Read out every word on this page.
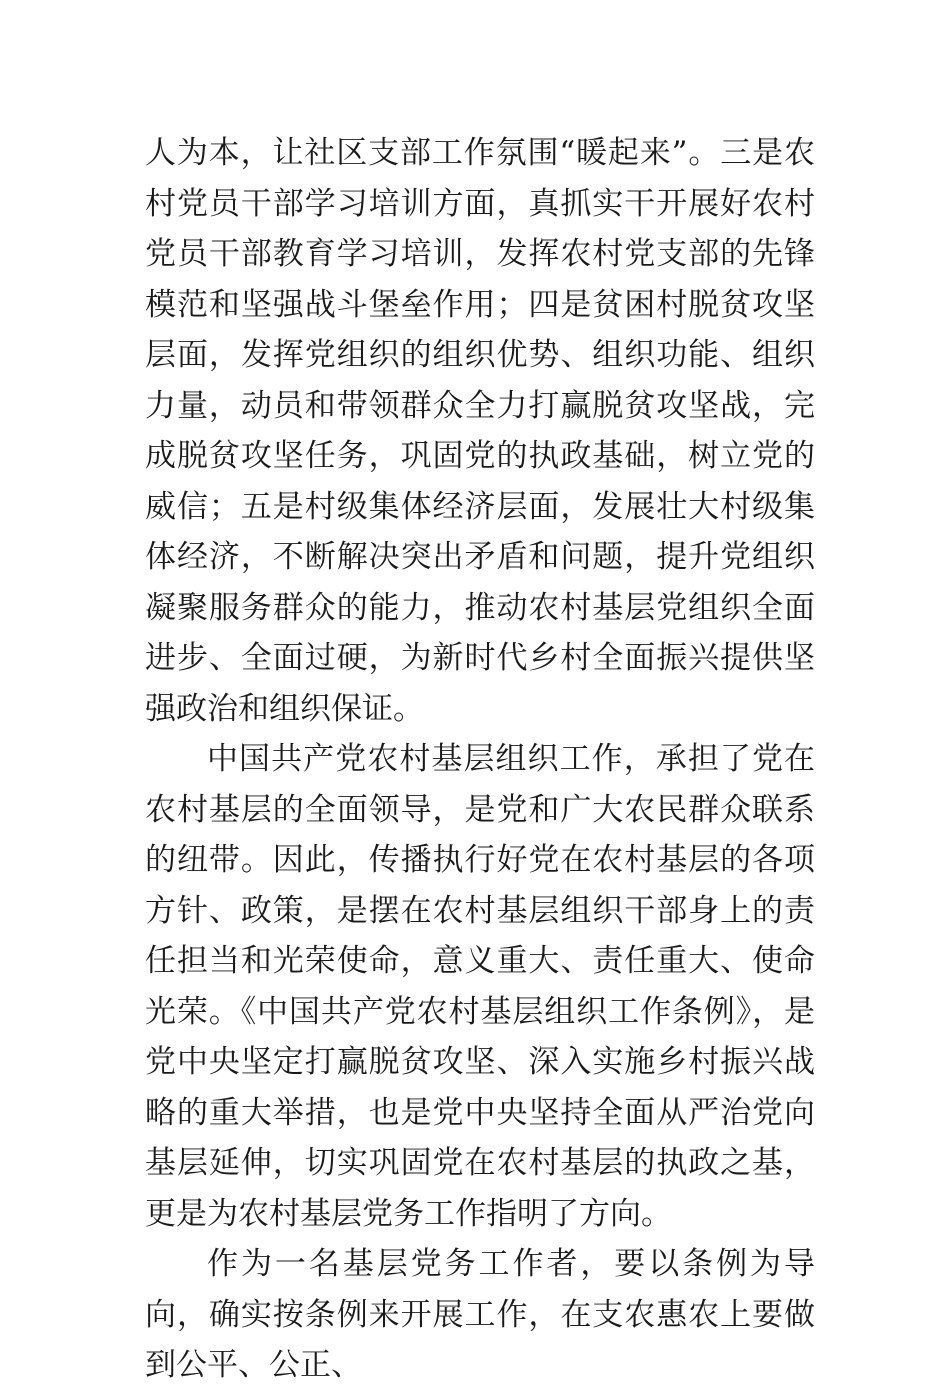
人为本，让社区支部工作氛围“暖起来”。三是农村党员干部学习培训方面，真抓实干开展好农村党员干部教育学习培训，发挥农村党支部的先锋模范和坚强战斗堡垒作用；四是贫困村脱贫攻坚层面，发挥党组织的组织优势、组织功能、组织力量，动员和带领群众全力打赢脱贫攻坚战，完成脱贫攻坚任务，巩固党的执政基础，树立党的威信；五是村级集体经济层面，发展壮大村级集体经济，不断解决突出矛盾和问题，提升党组织凝聚服务群众的能力，推动农村基层党组织全面进步、全面过硬，为新时代乡村全面振兴提供坚强政治和组织保证。

中国共产党农村基层组织工作，承担了党在农村基层的全面领导，是党和广大农民群众联系的纽带。因此，传播执行好党在农村基层的各项方针、政策，是摆在农村基层组织干部身上的责任担当和光荣使命，意义重大、责任重大、使命光荣。《中国共产党农村基层组织工作条例》，是党中央坚定打赢脱贫攻坚、深入实施乡村振兴战略的重大举措，也是党中央坚持全面从严治党向基层延伸，切实巩固党在农村基层的执政之基，更是为农村基层党务工作指明了方向。

作为一名基层党务工作者，要以条例为导向，确实按条例来开展工作，在支农惠农上要做到公平、公正、
